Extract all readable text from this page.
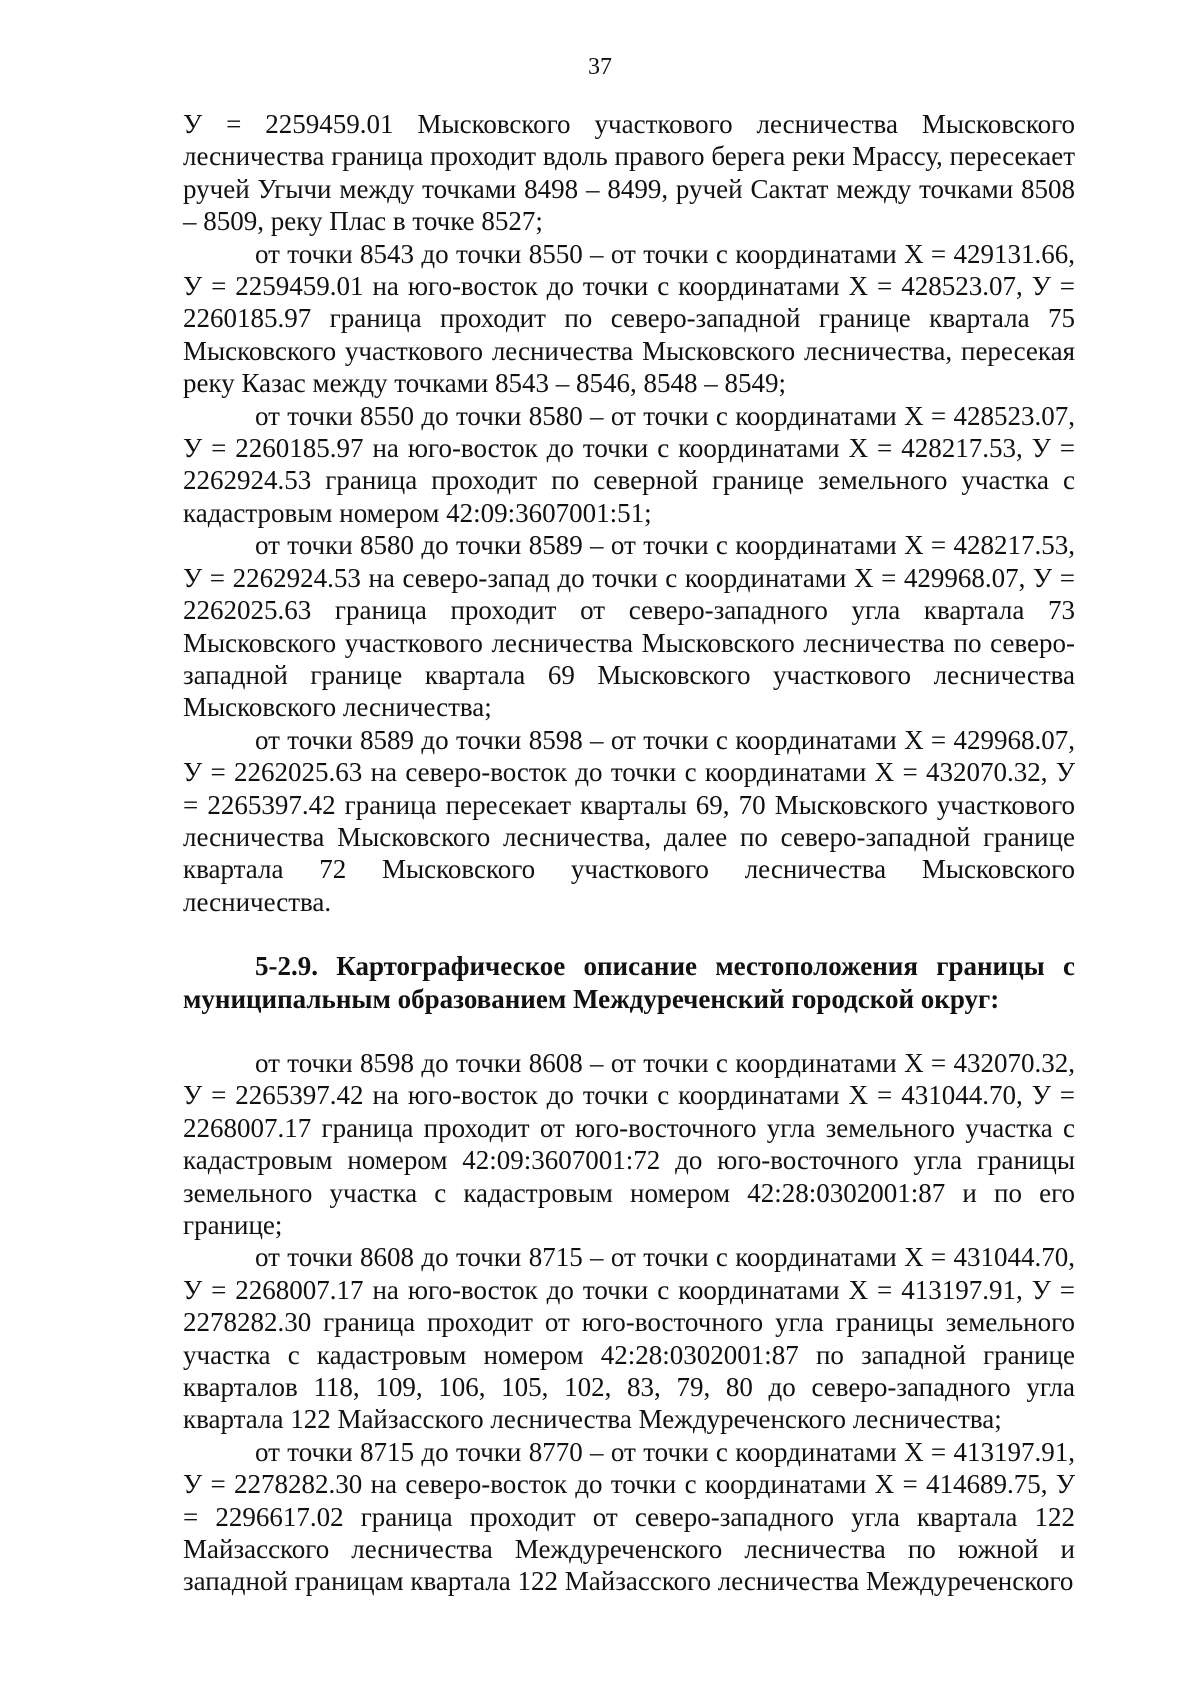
37

У = 2259459.01 Мысковского участкового лесничества Мысковского лесничества граница проходит вдоль правого берега реки Мрассу, пересекает ручей Угычи между точками 8498 – 8499, ручей Сактат между точками 8508 – 8509, реку Плас в точке 8527;

от точки 8543 до точки 8550 – от точки с координатами Х = 429131.66, У = 2259459.01 на юго-восток до точки с координатами Х = 428523.07, У = 2260185.97 граница проходит по северо-западной границе квартала 75 Мысковского участкового лесничества Мысковского лесничества, пересекая реку Казас между точками 8543 – 8546, 8548 – 8549;

от точки 8550 до точки 8580 – от точки с координатами Х = 428523.07, У = 2260185.97 на юго-восток до точки с координатами Х = 428217.53, У = 2262924.53 граница проходит по северной границе земельного участка с кадастровым номером 42:09:3607001:51;

от точки 8580 до точки 8589 – от точки с координатами Х = 428217.53, У = 2262924.53 на северо-запад до точки с координатами Х = 429968.07, У = 2262025.63 граница проходит от северо-западного угла квартала 73 Мысковского участкового лесничества Мысковского лесничества по северо-западной границе квартала 69 Мысковского участкового лесничества Мысковского лесничества;

от точки 8589 до точки 8598 – от точки с координатами Х = 429968.07, У = 2262025.63 на северо-восток до точки с координатами Х = 432070.32, У = 2265397.42 граница пересекает кварталы 69, 70 Мысковского участкового лесничества Мысковского лесничества, далее по северо-западной границе квартала 72 Мысковского участкового лесничества Мысковского лесничества.

5-2.9. Картографическое описание местоположения границы с муниципальным образованием Междуреченский городской округ:

от точки 8598 до точки 8608 – от точки с координатами Х = 432070.32, У = 2265397.42 на юго-восток до точки с координатами Х = 431044.70, У = 2268007.17 граница проходит от юго-восточного угла земельного участка с кадастровым номером 42:09:3607001:72 до юго-восточного угла границы земельного участка с кадастровым номером 42:28:0302001:87 и по его границе;

от точки 8608 до точки 8715 – от точки с координатами Х = 431044.70, У = 2268007.17 на юго-восток до точки с координатами Х = 413197.91, У = 2278282.30 граница проходит от юго-восточного угла границы земельного участка с кадастровым номером 42:28:0302001:87 по западной границе кварталов 118, 109, 106, 105, 102, 83, 79, 80 до северо-западного угла квартала 122 Майзасского лесничества Междуреченского лесничества;

от точки 8715 до точки 8770 – от точки с координатами Х = 413197.91, У = 2278282.30 на северо-восток до точки с координатами Х = 414689.75, У = 2296617.02 граница проходит от северо-западного угла квартала 122 Майзасского лесничества Междуреченского лесничества по южной и западной границам квартала 122 Майзасского лесничества Междуреченского
